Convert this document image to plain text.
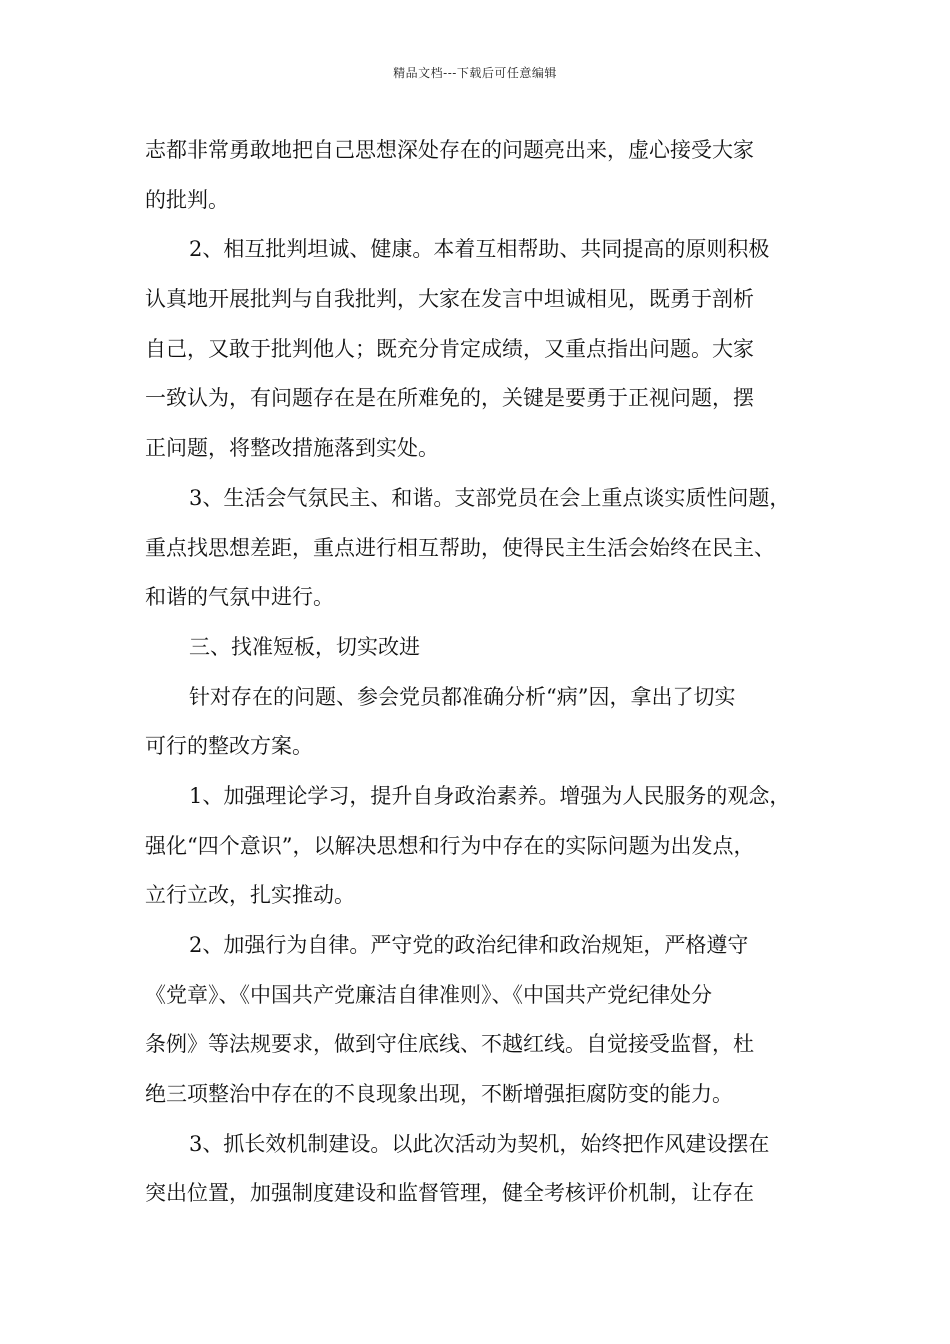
精品文档---下载后可任意编辑
志都非常勇敢地把自己思想深处存在的问题亮出来，虚心接受大家
的批判。
2、相互批判坦诚、健康。本着互相帮助、共同提高的原则积极
认真地开展批判与自我批判，大家在发言中坦诚相见，既勇于剖析
自己，又敢于批判他人；既充分肯定成绩，又重点指出问题。大家
一致认为，有问题存在是在所难免的，关键是要勇于正视问题，摆
正问题，将整改措施落到实处。
3、生活会气氛民主、和谐。支部党员在会上重点谈实质性问题，
重点找思想差距，重点进行相互帮助，使得民主生活会始终在民主、
和谐的气氛中进行。
三、找准短板，切实改进
针对存在的问题、参会党员都准确分析“病”因，拿出了切实
可行的整改方案。
1、加强理论学习，提升自身政治素养。增强为人民服务的观念，
强化“四个意识”，以解决思想和行为中存在的实际问题为出发点，
立行立改，扎实推动。
2、加强行为自律。严守党的政治纪律和政治规矩，严格遵守
《党章》、《中国共产党廉洁自律准则》、《中国共产党纪律处分
条例》等法规要求，做到守住底线、不越红线。自觉接受监督，杜
绝三项整治中存在的不良现象出现，不断增强拒腐防变的能力。
3、抓长效机制建设。以此次活动为契机，始终把作风建设摆在
突出位置，加强制度建设和监督管理，健全考核评价机制，让存在
